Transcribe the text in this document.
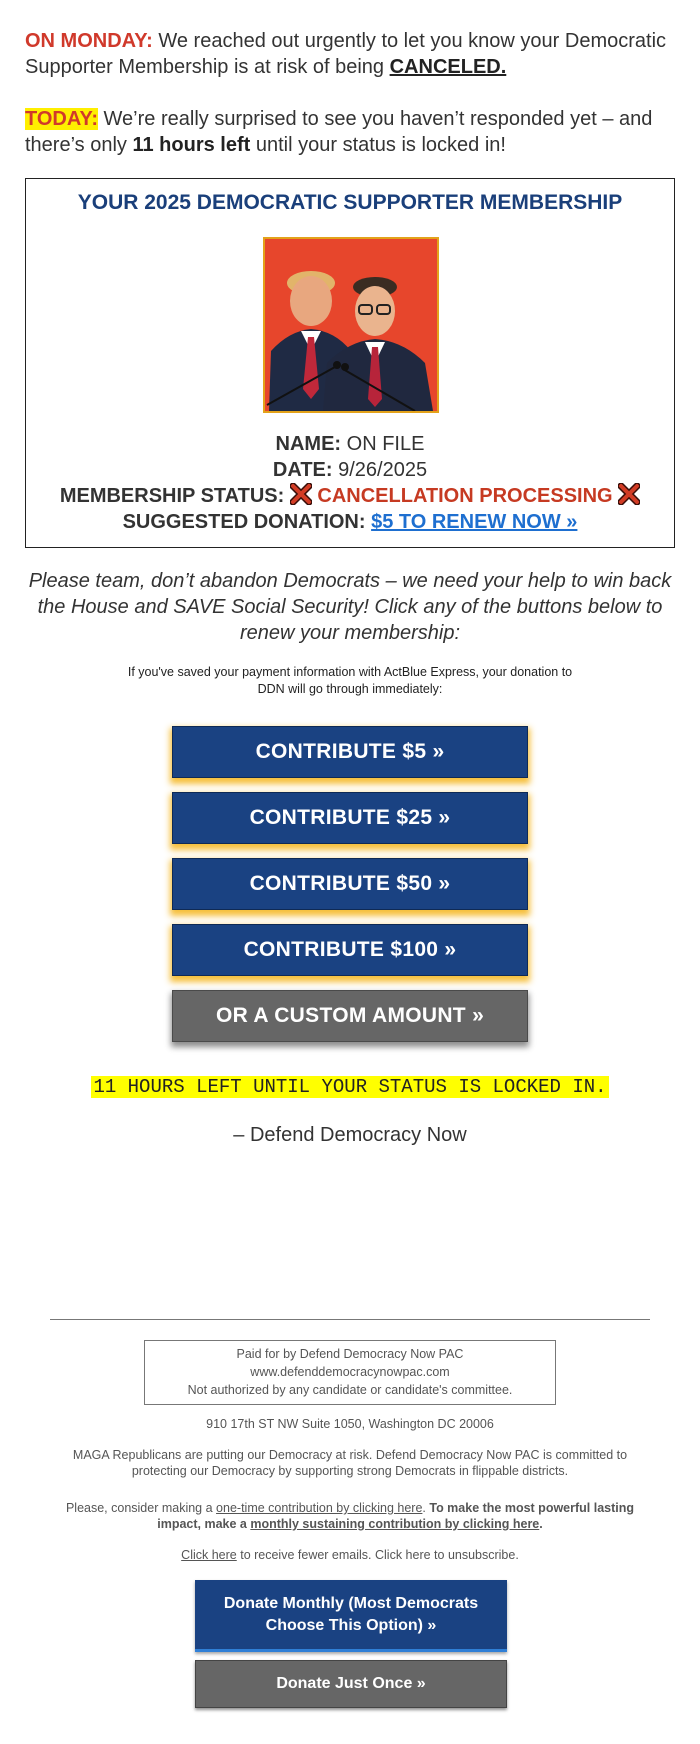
ON MONDAY: We reached out urgently to let you know your Democratic Supporter Membership is at risk of being CANCELED.

TODAY: We’re really surprised to see you haven’t responded yet – and there’s only 11 hours left until your status is locked in!

YOUR 2025 DEMOCRATIC SUPPORTER MEMBERSHIP
NAME: ON FILE
DATE: 9/26/2025
MEMBERSHIP STATUS: CANCELLATION PROCESSING
SUGGESTED DONATION: $5 TO RENEW NOW »

Please team, don’t abandon Democrats – we need your help to win back the House and SAVE Social Security! Click any of the buttons below to renew your membership:

If you've saved your payment information with ActBlue Express, your donation to DDN will go through immediately:

CONTRIBUTE $5 »
CONTRIBUTE $25 »
CONTRIBUTE $50 »
CONTRIBUTE $100 »
OR A CUSTOM AMOUNT »
11 HOURS LEFT UNTIL YOUR STATUS IS LOCKED IN.
– Defend Democracy Now
Paid for by Defend Democracy Now PAC
www.defenddemocracynowpac.com
Not authorized by any candidate or candidate's committee.

910 17th ST NW Suite 1050, Washington DC 20006

MAGA Republicans are putting our Democracy at risk. Defend Democracy Now PAC is committed to protecting our Democracy by supporting strong Democrats in flippable districts.

Please, consider making a one-time contribution by clicking here. To make the most powerful lasting impact, make a monthly sustaining contribution by clicking here.

Click here to receive fewer emails. Click here to unsubscribe.

Donate Monthly (Most Democrats Choose This Option) »
Donate Just Once »
